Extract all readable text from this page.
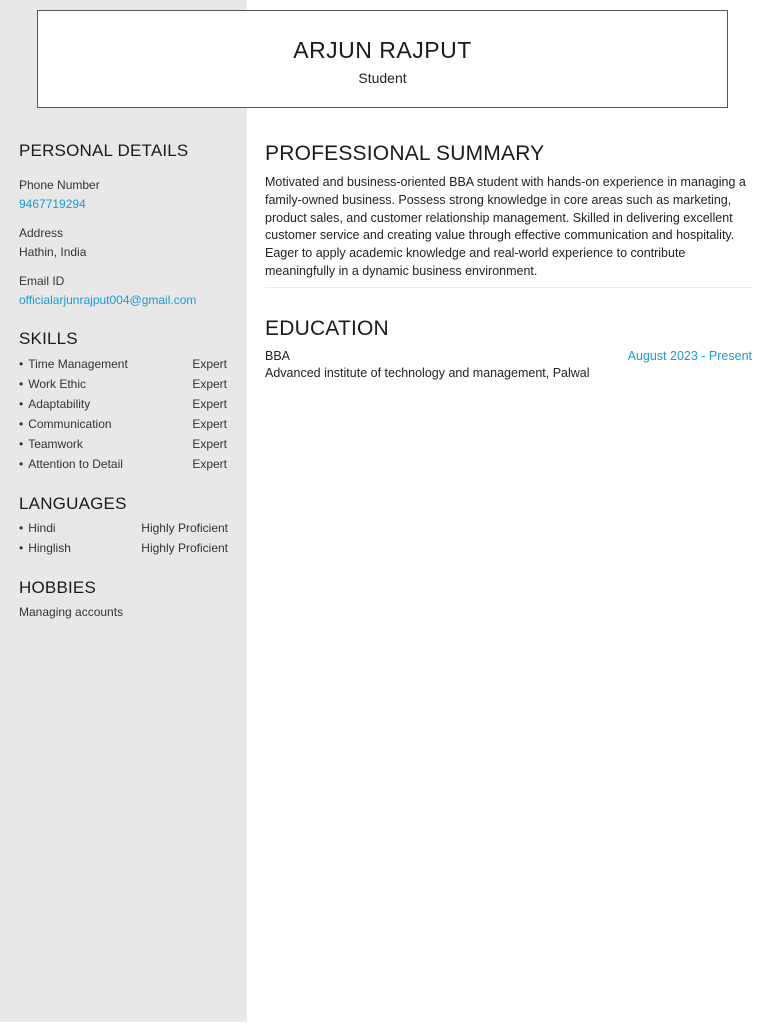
ARJUN RAJPUT
Student
PERSONAL DETAILS
Phone Number
9467719294
Address
Hathin, India
Email ID
officialarjunrajput004@gmail.com
SKILLS
• Time Management	Expert
• Work Ethic	Expert
• Adaptability	Expert
• Communication	Expert
• Teamwork	Expert
• Attention to Detail	Expert
LANGUAGES
• Hindi	Highly Proficient
• Hinglish	Highly Proficient
HOBBIES
Managing accounts
PROFESSIONAL SUMMARY
Motivated and business-oriented BBA student with hands-on experience in managing a family-owned business. Possess strong knowledge in core areas such as marketing, product sales, and customer relationship management. Skilled in delivering excellent customer service and creating value through effective communication and hospitality. Eager to apply academic knowledge and real-world experience to contribute meaningfully in a dynamic business environment.
EDUCATION
BBA	August 2023 - Present
Advanced institute of technology and management, Palwal
